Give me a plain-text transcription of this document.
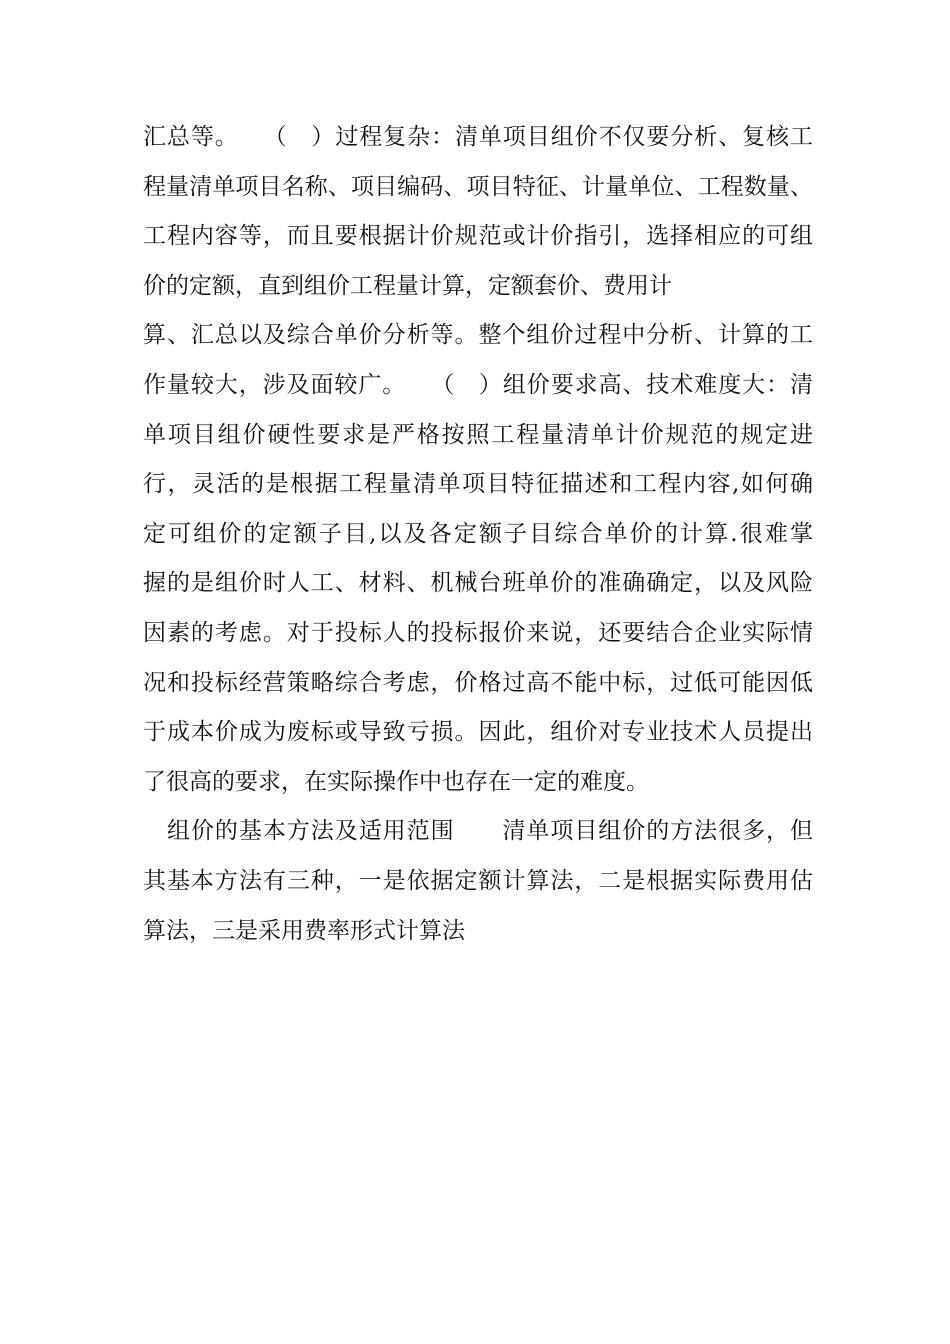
汇总等。　　（　）过程复杂：清单项目组价不仅要分析、复核工
程量清单项目名称、项目编码、项目特征、计量单位、工程数量、
工程内容等，而且要根据计价规范或计价指引，选择相应的可组
价的定额，直到组价工程量计算，定额套价、费用计
算、汇总以及综合单价分析等。整个组价过程中分析、计算的工
作量较大，涉及面较广。　　（　）组价要求高、技术难度大：清
单项目组价硬性要求是严格按照工程量清单计价规范的规定进
行，灵活的是根据工程量清单项目特征描述和工程内容,如何确
定可组价的定额子目,以及各定额子目综合单价的计算.很难掌
握的是组价时人工、材料、机械台班单价的准确确定，以及风险
因素的考虑。对于投标人的投标报价来说，还要结合企业实际情
况和投标经营策略综合考虑，价格过高不能中标，过低可能因低
于成本价成为废标或导致亏损。因此，组价对专业技术人员提出
了很高的要求，在实际操作中也存在一定的难度。
组价的基本方法及适用范围　　清单项目组价的方法很多，但
其基本方法有三种，一是依据定额计算法，二是根据实际费用估
算法，三是采用费率形式计算法
